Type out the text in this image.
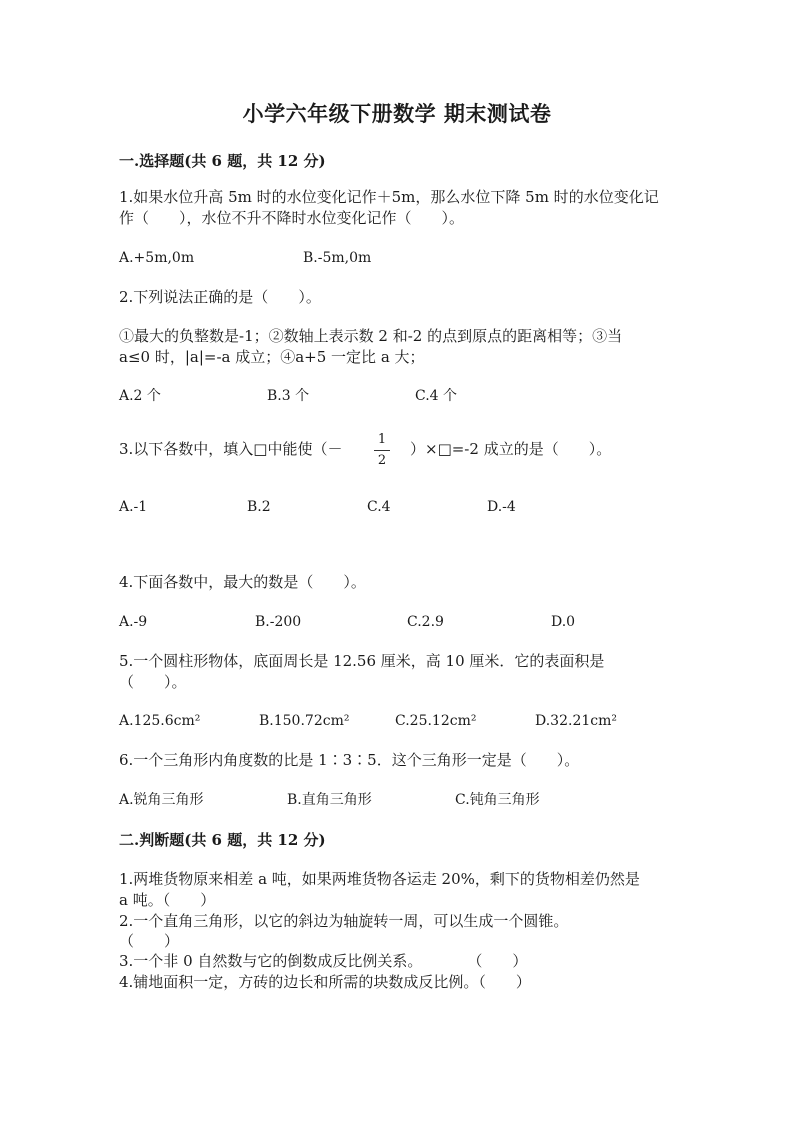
小学六年级下册数学 期末测试卷
一.选择题(共 6 题，共 12 分)
1.如果水位升高 5m 时的水位变化记作＋5m，那么水位下降 5m 时的水位变化记
作（　　），水位不升不降时水位变化记作（　　）。
A.+5m,0m	B.-5m,0m
2.下列说法正确的是（　　）。
①最大的负整数是-1；②数轴上表示数 2 和-2 的点到原点的距离相等；③当
a≤0 时，|a|=-a 成立；④a+5 一定比 a 大；
A.2 个	B.3 个	C.4 个
3.以下各数中，填入□中能使（－
1
2
）×□=-2 成立的是（　　）。
A.-1	B.2	C.4	D.-4
4.下面各数中，最大的数是（　　）。
A.-9	B.-200	C.2.9	D.0
5.一个圆柱形物体，底面周长是 12.56 厘米，高 10 厘米．它的表面积是
（　　）。
A.125.6cm²	B.150.72cm²	C.25.12cm²	D.32.21cm²
6.一个三角形内角度数的比是 1∶3∶5．这个三角形一定是（　　）。
A.锐角三角形	B.直角三角形	C.钝角三角形
二.判断题(共 6 题，共 12 分)
1.两堆货物原来相差 a 吨，如果两堆货物各运走 20%，剩下的货物相差仍然是
a 吨。（　　）
2.一个直角三角形，以它的斜边为轴旋转一周，可以生成一个圆锥。
（　　）
3.一个非 0 自然数与它的倒数成反比例关系。　　　　（　　）
4.铺地面积一定，方砖的边长和所需的块数成反比例。（　　）
